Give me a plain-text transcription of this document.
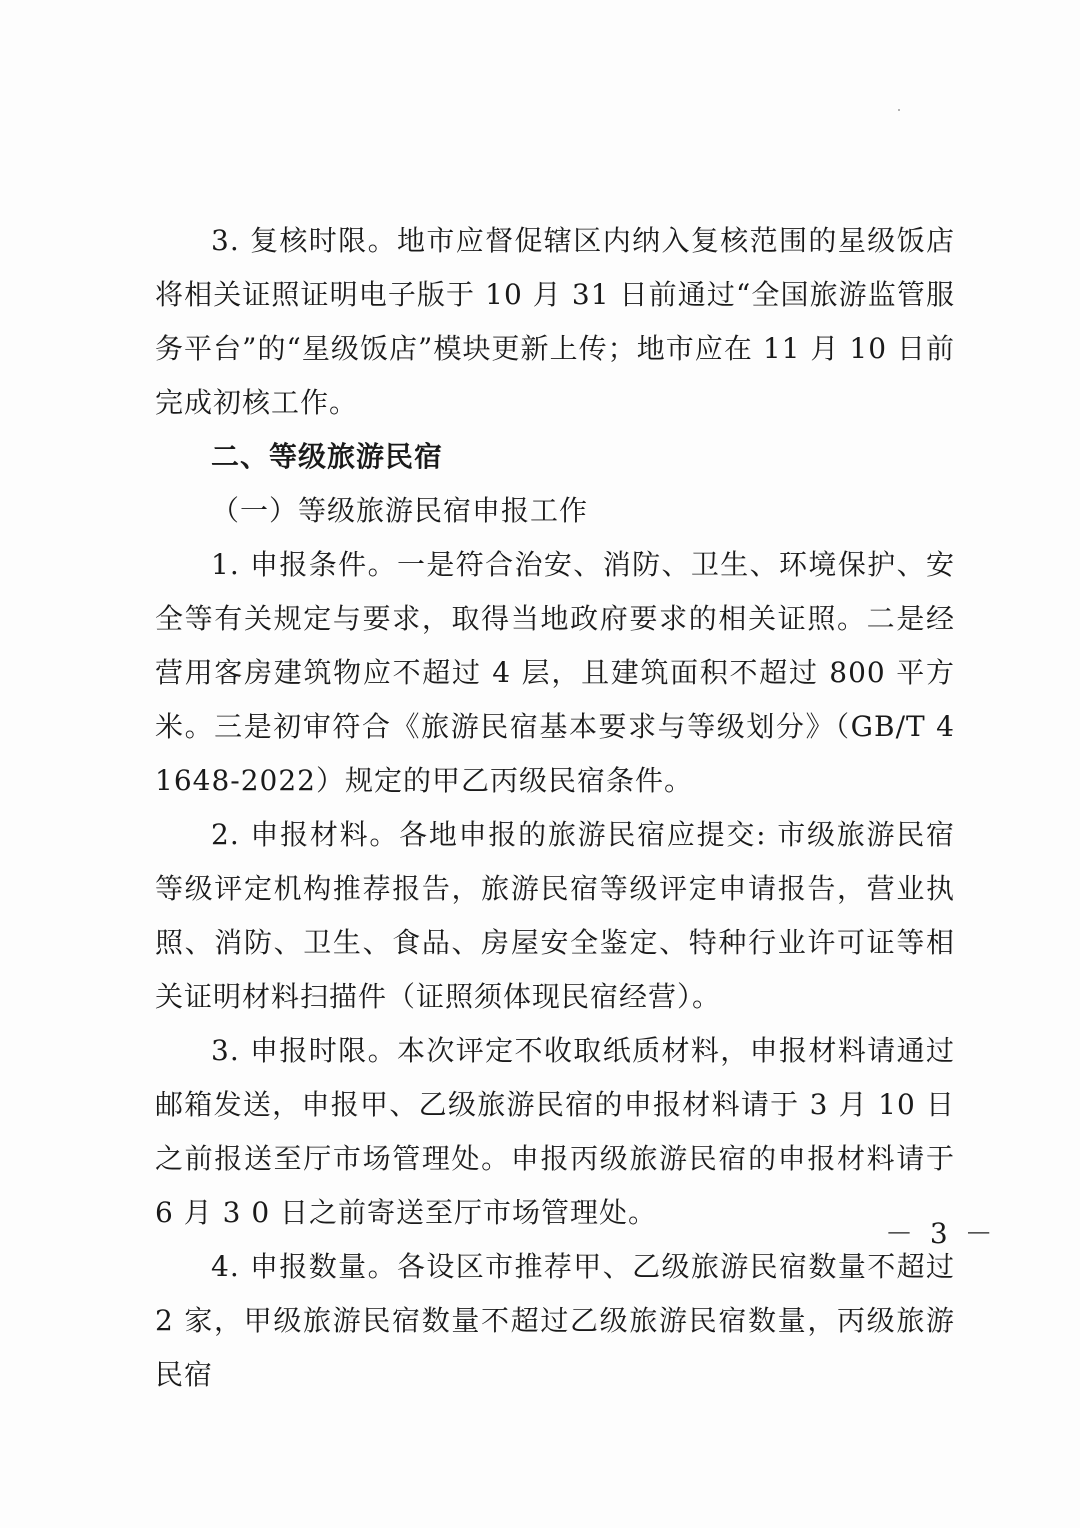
3. 复核时限。地市应督促辖区内纳入复核范围的星级饭店将相关证照证明电子版于 10 月 31 日前通过“全国旅游监管服务平台”的“星级饭店”模块更新上传；地市应在 11 月 10 日前完成初核工作。

二、等级旅游民宿

（一）等级旅游民宿申报工作

1. 申报条件。一是符合治安、消防、卫生、环境保护、安全等有关规定与要求，取得当地政府要求的相关证照。二是经营用客房建筑物应不超过 4 层，且建筑面积不超过 800 平方米。三是初审符合《旅游民宿基本要求与等级划分》（GB/T 41648-2022）规定的甲乙丙级民宿条件。

2. 申报材料。各地申报的旅游民宿应提交: 市级旅游民宿等级评定机构推荐报告，旅游民宿等级评定申请报告，营业执照、消防、卫生、食品、房屋安全鉴定、特种行业许可证等相关证明材料扫描件（证照须体现民宿经营）。

3. 申报时限。本次评定不收取纸质材料，申报材料请通过邮箱发送，申报甲、乙级旅游民宿的申报材料请于 3 月 10 日之前报送至厅市场管理处。申报丙级旅游民宿的申报材料请于 6 月 3 0 日之前寄送至厅市场管理处。

4. 申报数量。各设区市推荐甲、乙级旅游民宿数量不超过 2 家，甲级旅游民宿数量不超过乙级旅游民宿数量，丙级旅游民宿

－ 3 －
